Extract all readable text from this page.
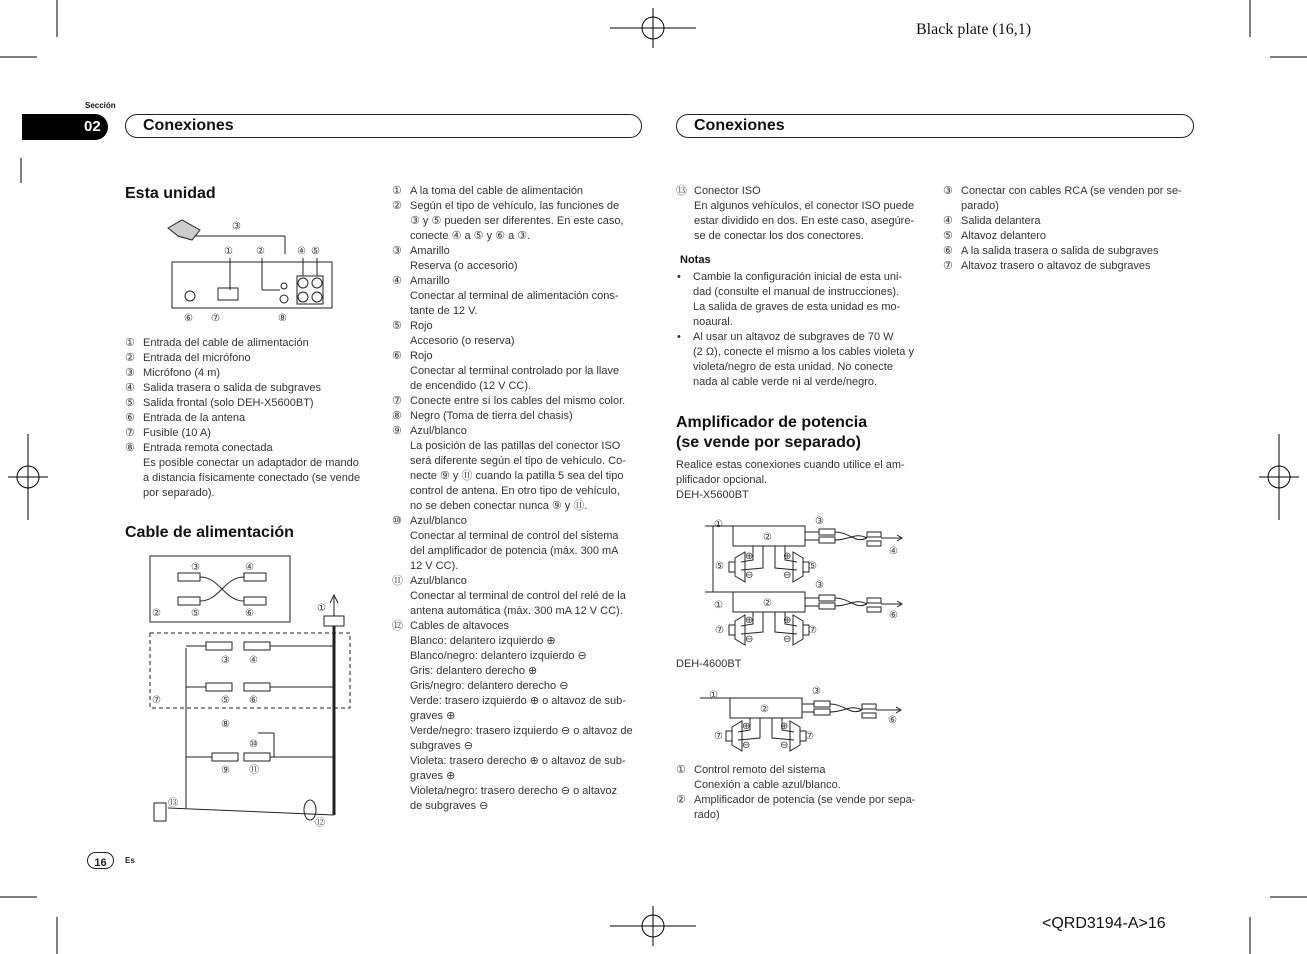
Black plate (16,1)
Sección
02	Conexiones	Conexiones
Esta unidad
③
① ②	④ ⑤
⑥ ⑦	⑧
① Entrada del cable de alimentación
② Entrada del micrófono
③ Micrófono (4 m)
④ Salida trasera o salida de subgraves
⑤ Salida frontal (solo DEH-X5600BT)
⑥ Entrada de la antena
⑦ Fusible (10 A)
⑧ Entrada remota conectada
Es posible conectar un adaptador de mando
a distancia físicamente conectado (se vende
por separado).
Cable de alimentación
③	④
②	⑤	⑥	①
③ ④
⑦	⑤ ⑥
⑧
⑩
⑨ ⑪
⑬
⑫
① A la toma del cable de alimentación
② Según el tipo de vehículo, las funciones de
③ y ⑤ pueden ser diferentes. En este caso,
conecte ④ a ⑤ y ⑥ a ③.
③ Amarillo
Reserva (o accesorio)
④ Amarillo
Conectar al terminal de alimentación cons-
tante de 12 V.
⑤ Rojo
Accesorio (o reserva)
⑥ Rojo
Conectar al terminal controlado por la llave
de encendido (12 V CC).
⑦ Conecte entre sí los cables del mismo color.
⑧ Negro (Toma de tierra del chasis)
⑨ Azul/blanco
La posición de las patillas del conector ISO
será diferente según el tipo de vehículo. Co-
necte ⑨ y ⑪ cuando la patilla 5 sea del tipo
control de antena. En otro tipo de vehículo,
no se deben conectar nunca ⑨ y ⑪.
⑩ Azul/blanco
Conectar al terminal de control del sistema
del amplificador de potencia (máx. 300 mA
12 V CC).
⑪ Azul/blanco
Conectar al terminal de control del relé de la
antena automática (máx. 300 mA 12 V CC).
⑫ Cables de altavoces
Blanco: delantero izquierdo ⊕
Blanco/negro: delantero izquierdo ⊖
Gris: delantero derecho ⊕
Gris/negro: delantero derecho ⊖
Verde: trasero izquierdo ⊕ o altavoz de sub-
graves ⊕
Verde/negro: trasero izquierdo ⊖ o altavoz de
subgraves ⊖
Violeta: trasero derecho ⊕ o altavoz de sub-
graves ⊕
Violeta/negro: trasero derecho ⊖ o altavoz
de subgraves ⊖
⑬ Conector ISO
En algunos vehículos, el conector ISO puede
estar dividido en dos. En este caso, asegúre-
se de conectar los dos conectores.
Notas
• Cambie la configuración inicial de esta uni-
dad (consulte el manual de instrucciones).
La salida de graves de esta unidad es mo-
noaural.
• Al usar un altavoz de subgraves de 70 W
(2 Ω), conecte el mismo a los cables violeta y
violeta/negro de esta unidad. No conecte
nada al cable verde ni al verde/negro.
Amplificador de potencia
(se vende por separado)
Realice estas conexiones cuando utilice el am-
plificador opcional.
DEH-X5600BT
②
②
①
①
③
③
④
⑥
⑤	⑤
⑦	⑦
⊕	⊕
⊖	⊖
⊕	⊕
⊖	⊖
DEH-4600BT
②
①	③
⑥
⑦	⑦
⊕	⊕
⊖	⊖
① Control remoto del sistema
Conexión a cable azul/blanco.
② Amplificador de potencia (se vende por sepa-
rado)
③ Conectar con cables RCA (se venden por se-
parado)
④ Salida delantera
⑤ Altavoz delantero
⑥ A la salida trasera o salida de subgraves
⑦ Altavoz trasero o altavoz de subgraves
16	Es
<QRD3194-A>16
